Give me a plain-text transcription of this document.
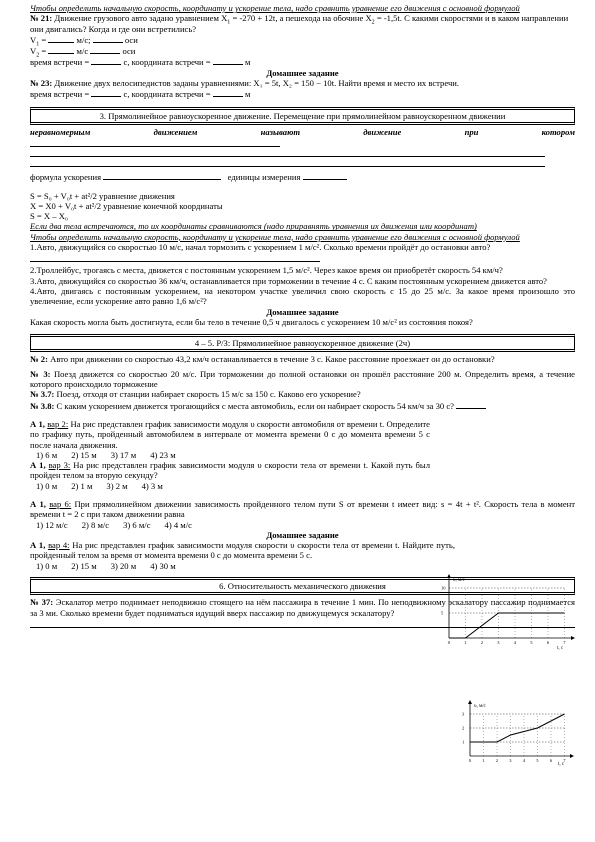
Чтобы определить начальную скорость, координату и ускорение тела, надо сравнить уравнение его движения с основной формулой

№ 21: Движение грузового авто задано уравнением $X_1 = -270 + 12t$, а пешехода на обочине $X_2 = -1,5t$. С какими скоростями и в каком направлении они двигались? Когда и где они встретились?

$V_1$ =	м/с;	оси

$V_2$ =	м/с	оси

время встречи =	с, координата встречи =	м

Домашнее задание

№ 23: Движение двух велосипедистов заданы уравнениями: X₁ = 5t, X₂ = 150 − 10t. Найти время и место их встречи.

время встречи =	с, координата встречи =	м

3. Прямолинейное равноускоренное движение. Перемещение при прямолинейном равноускоренном движении
неравномерным	движением	называют	движение	при	котором

формула ускорения	единицы измерения

S = S₀ + V₀t + at²/2 уравнение движения

X = X0 + V₀t + at²/2 уравнение конечной координаты

S = X – X₀

Если два тела встречаются, то их координаты сравниваются (надо приравнять уравнения их движения или координат)

Чтобы определить начальную скорость, координату и ускорение тела, надо сравнить уравнение его движения с основной формулой

1.Авто, движущийся со скоростью 10 м/с, начал тормозить с ускорением 1 м/с². Сколько времени пройдёт до остановки авто?

2.Троллейбус, трогаясь с места, движется с постоянным ускорением 1,5 м/с². Через какое время он приобретёт скорость 54 км/ч?

3.Авто, движущийся со скоростью 36 км/ч, останавливается при торможении в течение 4 с. С каким постоянным ускорением движется авто?

4.Авто, двигаясь с постоянным ускорением, на некотором участке увеличил свою скорость с 15 до 25 м/с. За какое время произошло это увеличение, если ускорение авто равно 1,6 м/с²?

Домашнее задание

Какая скорость могла быть достигнута, если бы тело в течение 0,5 ч двигалось с ускорением 10 м/с² из состояния покоя?

4 – 5. Р/З: Прямолинейное равноускоренное движение (2ч)

№ 2: Авто при движении со скоростью 43,2 км/ч останавливается в течение 3 с. Какое расстояние проезжает он до остановки?

№ 3: Поезд движется со скоростью 20 м/с. При торможении до полной остановки он прошёл расстояние 200 м. Определить время, а течение которого происходило торможение

№ 3.7: Поезд, отходя от станции набирает скорость 15 м/с за 150 с. Каково его ускорение?

№ 3.8: С каким ускорением движется трогающийся с места автомобиль, если он набирает скорость 54 км/ч за 30 с?

А 1, вар 2: На рис представлен график зависимости модуля υ скорости автомобиля от времени t. Определите по графику путь, пройденный автомобилем в интервале от момента времени 0 с до момента времени 5 с после начала движения.

1) 6 м 2) 15 м 3) 17 м 4) 23 м

А 1, вар 3: На рис представлен график зависимости модуля υ скорости тела от времени t. Какой путь был пройден телом за вторую секунду?

1) 0 м 2) 1 м 3) 2 м 4) 3 м

А 1, вар 6: При прямолинейном движении зависимость пройденного телом пути S от времени t имеет вид: s = 4t + t². Скорость тела в момент времени t = 2 с при таком движении равна

1) 12 м/с 2) 8 м/с 3) 6 м/с 4) 4 м/с

Домашнее задание

А 1, вар 4: На рис представлен график зависимости модуля скорости υ скорости тела от времени t. Найдите путь, пройденный телом за время от момента времени 0 с до момента времени 5 с.

1) 0 м 2) 15 м 3) 20 м 4) 30 м

6. Относительность механического движения

№ 37: Эскалатор метро поднимает неподвижно стоящего на нём пассажира в течение 1 мин. По неподвижному эскалатору пассажир поднимается за 3 ми. Сколько времени будет подниматься идущий вверх пассажир по движущемуся эскалатору?

υ, м/с
t, c
0	1	2	3	4	5	6	7
10
5
υ, м/с
t, c
0	1	2	3	4	5	6	7
3
2
1
